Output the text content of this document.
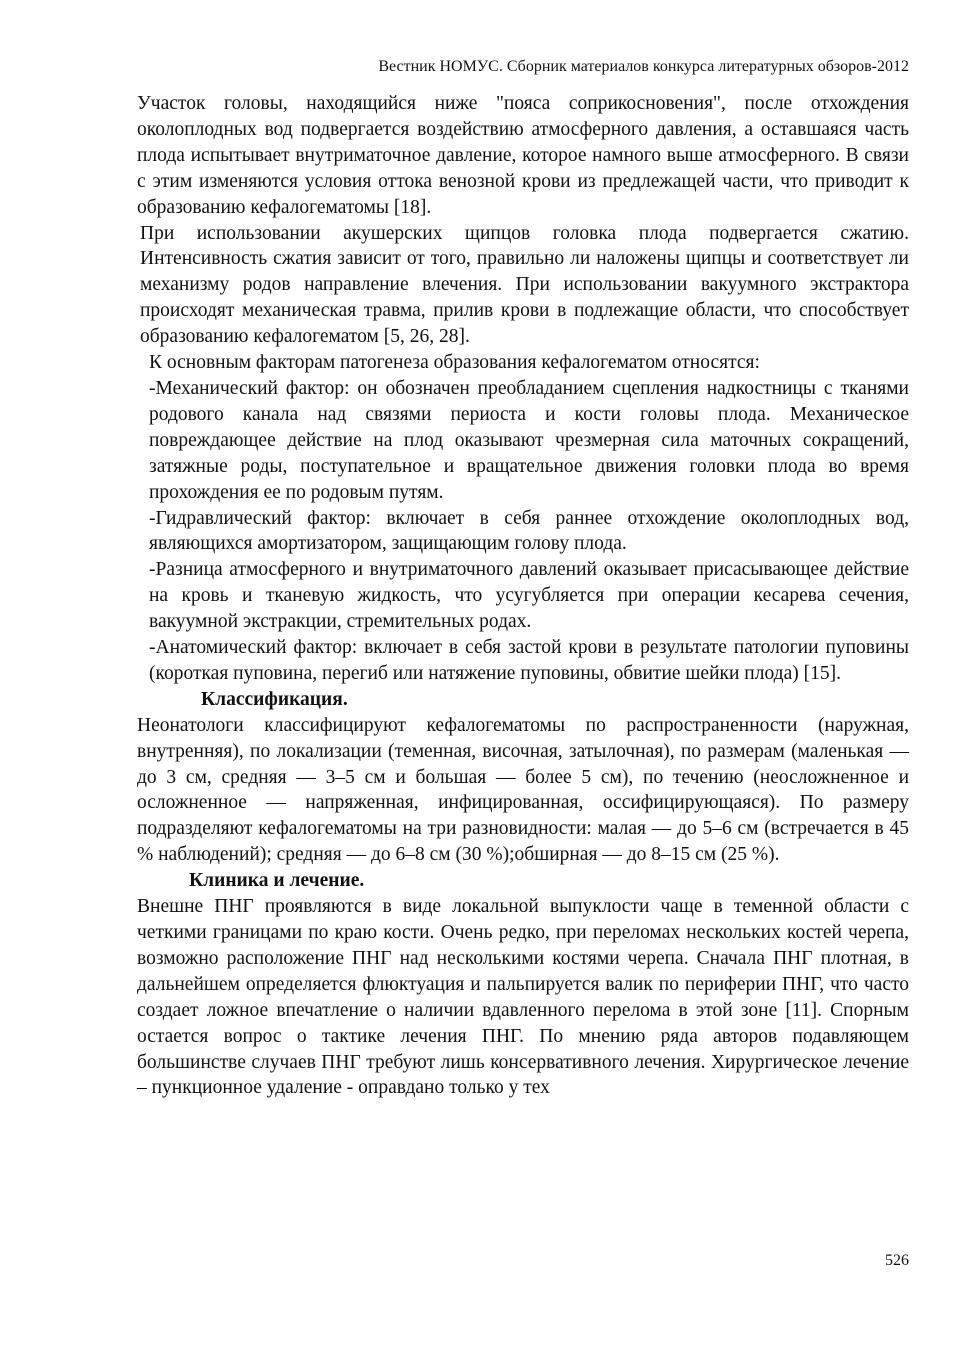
Вестник НОМУС. Сборник материалов конкурса литературных обзоров-2012

Участок головы, находящийся ниже "пояса соприкосновения", после отхождения околоплодных вод подвергается воздействию атмосферного давления, а оставшаяся часть плода испытывает внутриматочное давление, которое намного выше атмосферного. В связи с этим изменяются условия оттока венозной крови из предлежащей части, что приводит к образованию кефалогематомы [18].

При использовании акушерских щипцов головка плода подвергается сжатию. Интенсивность сжатия зависит от того, правильно ли наложены щипцы и соответствует ли механизму родов направление влечения. При использовании вакуумного экстрактора происходят механическая травма, прилив крови в подлежащие области, что способствует образованию кефалогематом [5, 26, 28].

К основным факторам патогенеза образования кефалогематом относятся:

-Механический фактор: он обозначен преобладанием сцепления надкостницы с тканями родового канала над связями периоста и кости головы плода. Механическое повреждающее действие на плод оказывают чрезмерная сила маточных сокращений, затяжные роды, поступательное и вращательное движения головки плода во время прохождения ее по родовым путям.

-Гидравлический фактор: включает в себя раннее отхождение околоплодных вод, являющихся амортизатором, защищающим голову плода.

-Разница атмосферного и внутриматочного давлений оказывает присасывающее действие на кровь и тканевую жидкость, что усугубляется при операции кесарева сечения, вакуумной экстракции, стремительных родах.

-Анатомический фактор: включает в себя застой крови в результате патологии пуповины (короткая пуповина, перегиб или натяжение пуповины, обвитие шейки плода) [15].

Классификация.

Неонатологи классифицируют кефалогематомы по распространенности (наружная, внутренняя), по локализации (теменная, височная, затылочная), по размерам (маленькая — до 3 см, средняя — 3–5 см и большая — более 5 см), по течению (неосложненное и осложненное — напряженная, инфицированная, оссифицирующаяся). По размеру подразделяют кефалогематомы на три разновидности: малая — до 5–6 см (встречается в 45 % наблюдений); средняя — до 6–8 см (30 %);обширная — до 8–15 см (25 %).

Клиника и лечение.

Внешне ПНГ проявляются в виде локальной выпуклости чаще в теменной области с четкими границами по краю кости. Очень редко, при переломах нескольких костей черепа, возможно расположение ПНГ над несколькими костями черепа. Сначала ПНГ плотная, в дальнейшем определяется флюктуация и пальпируется валик по периферии ПНГ, что часто создает ложное впечатление о наличии вдавленного перелома в этой зоне [11]. Спорным остается вопрос о тактике лечения ПНГ. По мнению ряда авторов подавляющем большинстве случаев ПНГ требуют лишь консервативного лечения. Хирургическое лечение – пункционное удаление - оправдано только у тех

526
